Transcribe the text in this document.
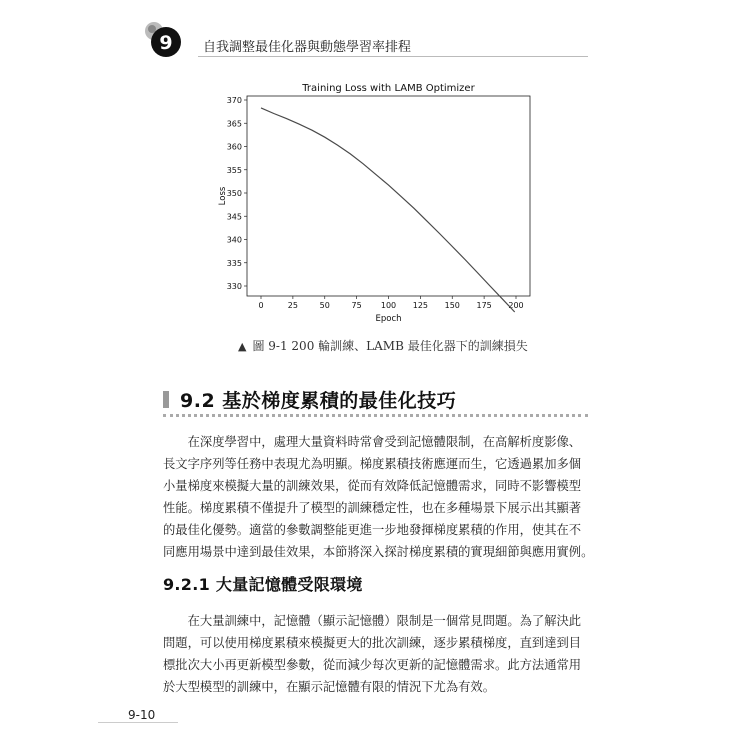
9 自我調整最佳化器與動態學習率排程
Training Loss with LAMB Optimizer
330
335
340
345
350
355
360
365
370
0	25	50	75 100 125 150 175 200
Epoch
Loss
▲ 圖 9-1 200 輪訓練、LAMB 最佳化器下的訓練損失
9.2 基於梯度累積的最佳化技巧

　　在深度學習中，處理大量資料時常會受到記憶體限制，在高解析度影像、

長文字序列等任務中表現尤為明顯。梯度累積技術應運而生，它透過累加多個

小量梯度來模擬大量的訓練效果，從而有效降低記憶體需求，同時不影響模型

性能。梯度累積不僅提升了模型的訓練穩定性，也在多種場景下展示出其顯著

的最佳化優勢。適當的參數調整能更進一步地發揮梯度累積的作用，使其在不

同應用場景中達到最佳效果，本節將深入探討梯度累積的實現細節與應用實例。

9.2.1 大量記憶體受限環境

　　在大量訓練中，記憶體（顯示記憶體）限制是一個常見問題。為了解決此

問題，可以使用梯度累積來模擬更大的批次訓練，逐步累積梯度，直到達到目

標批次大小再更新模型參數，從而減少每次更新的記憶體需求。此方法通常用

於大型模型的訓練中，在顯示記憶體有限的情況下尤為有效。

9-10
